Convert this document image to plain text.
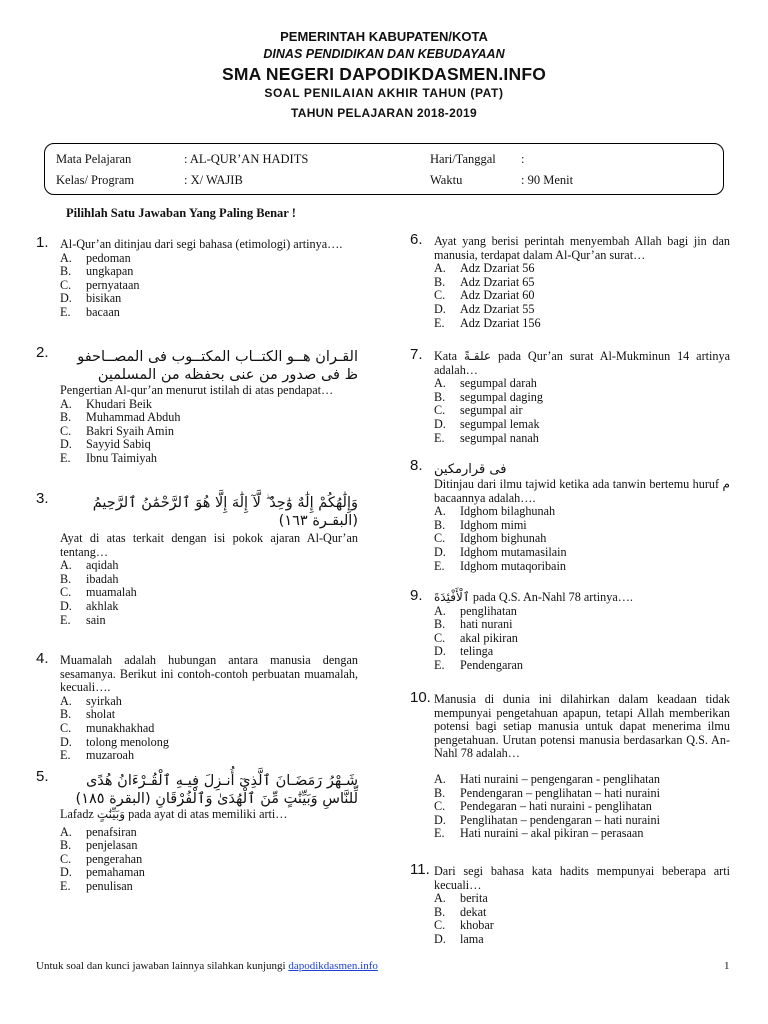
PEMERINTAH KABUPATEN/KOTA
DINAS PENDIDIKAN DAN KEBUDAYAAN
SMA NEGERI DAPODIKDASMEN.INFO
SOAL PENILAIAN AKHIR TAHUN (PAT)
TAHUN PELAJARAN 2018-2019
Mata Pelajaran	: AL-QUR’AN HADITS	Hari/Tanggal :
Kelas/ Program	: X/ WAJIB	Waktu	: 90 Menit
Pilihlah Satu Jawaban Yang Paling Benar !
1. Al-Qur’an ditinjau dari segi bahasa (etimologi) artinya….
A.	pedoman
B.	ungkapan
C.	pernyataan
D.	bisikan
E.	bacaan
2.	القـران هــو الكتــاب المكتــوب فى المصــاحفو ظ فى صدور من عنى بحفظه من المسلمين
Pengertian Al-qur’an menurut istilah di atas pendapat…
A.	Khudari Beik
B.	Muhammad Abduh
C.	Bakri Syaih Amin
D.	Sayyid Sabiq
E.	Ibnu Taimiyah
3.	وَإِلَٰهُكُمْ إِلَٰهٌ وَٰحِدٌ ۖ لَّآ إِلَٰهَ إِلَّا هُوَ ٱلرَّحْمَٰنُ ٱلرَّحِيمُ (البقـرة ١٦٣)
Ayat di atas terkait dengan isi pokok ajaran Al-Qur’an tentang…
A.	aqidah
B.	ibadah
C.	muamalah
D.	akhlak
E.	sain
4. Muamalah adalah hubungan antara manusia dengan sesamanya. Berikut ini contoh-contoh perbuatan muamalah, kecuali….
A.	syirkah
B.	sholat
C.	munakhakhad
D.	tolong menolong
E.	muzaroah
5.	شَـهْرُ رَمَضَـانَ ٱلَّذِىٓ أُنـزِلَ فِيـهِ ٱلْقُـرْءَانُ هُدًى لِّلنَّاسِ وَبَيِّنَٰتٍ مِّنَ ٱلْهُدَىٰ وَٱلْفُرْقَانِ (البقرة ١٨٥)
Lafadz وَبَيِّنَٰتٍ pada ayat di atas memiliki arti…
A.	penafsiran
B.	penjelasan
C.	pengerahan
D.	pemahaman
E.	penulisan
6. Ayat yang berisi perintah menyembah Allah bagi jin dan manusia, terdapat dalam Al-Qur’an surat…
A.	Adz Dzariat 56
B.	Adz Dzariat 65
C.	Adz Dzariat 60
D.	Adz Dzariat 55
E.	Adz Dzariat 156
7. Kata علقـةً pada Qur’an surat Al-Mukminun 14 artinya adalah…
A.	segumpal darah
B.	segumpal daging
C.	segumpal air
D.	segumpal lemak
E.	segumpal nanah
8. فى قرارمكين
Ditinjau dari ilmu tajwid ketika ada tanwin bertemu huruf م bacaannya adalah….
A.	Idghom bilaghunah
B.	Idghom mimi
C.	Idghom bighunah
D.	Idghom mutamasilain
E.	Idghom mutaqoribain
9. ٱلْأَفْئِدَةَ pada Q.S. An-Nahl 78 artinya….
A.	penglihatan
B.	hati nurani
C.	akal pikiran
D.	telinga
E.	Pendengaran
10. Manusia di dunia ini dilahirkan dalam keadaan tidak mempunyai pengetahuan apapun, tetapi Allah memberikan potensi bagi setiap manusia untuk dapat menerima ilmu pengetahuan. Urutan potensi manusia berdasarkan Q.S. An-Nahl 78 adalah…
A.	Hati nuraini – pengengaran - penglihatan
B.	Pendengaran – penglihatan – hati nuraini
C.	Pendegaran – hati nuraini - penglihatan
D.	Penglihatan – pendengaran – hati nuraini
E.	Hati nuraini – akal pikiran – perasaan
11. Dari segi bahasa kata hadits mempunyai beberapa arti kecuali…
A.	berita
B.	dekat
C.	khobar
D.	lama
Untuk soal dan kunci jawaban lainnya silahkan kunjungi dapodikdasmen.info	1
